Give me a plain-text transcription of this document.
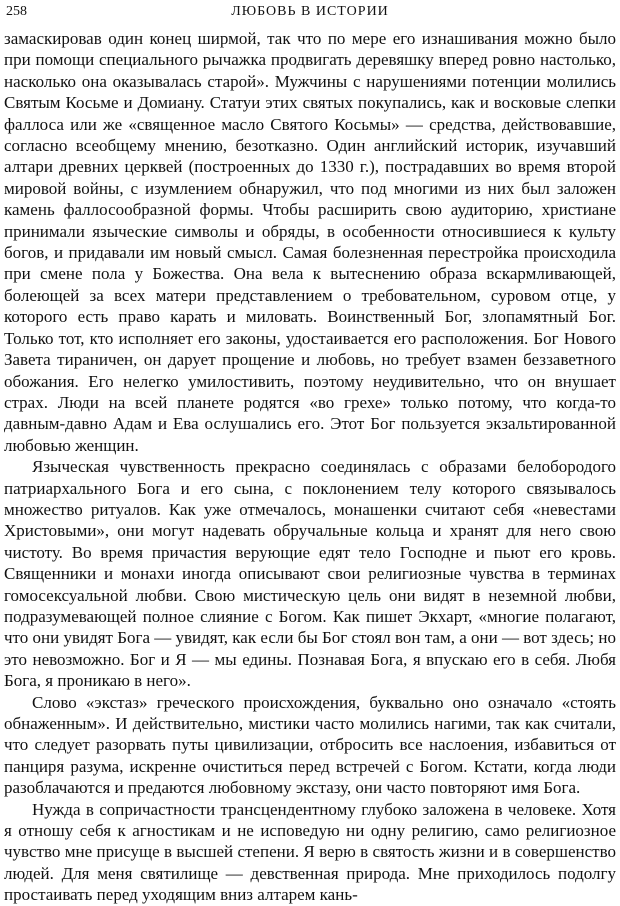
258	ЛЮБОВЬ В ИСТОРИИ

замаскировав один конец ширмой, так что по мере его изнашивания можно было при помощи специального рычажка продвигать деревяшку вперед ровно настолько, насколько она оказывалась старой». Мужчины с нарушениями потенции молились Святым Косьме и Домиану. Статуи этих святых покупались, как и восковые слепки фаллоса или же «священное масло Святого Косьмы» — средства, действовавшие, согласно всеобщему мнению, безотказно. Один английский историк, изучавший алтари древних церквей (построенных до 1330 г.), пострадавших во время второй мировой войны, с изумлением обнаружил, что под многими из них был заложен камень фаллосообразной формы. Чтобы расширить свою аудиторию, христиане принимали языческие символы и обряды, в особенности относившиеся к культу богов, и придавали им новый смысл. Самая болезненная перестройка происходила при смене пола у Божества. Она вела к вытеснению образа вскармливающей, болеющей за всех матери представлением о требовательном, суровом отце, у которого есть право карать и миловать. Воинственный Бог, злопамятный Бог. Только тот, кто исполняет его законы, удостаивается его расположения. Бог Нового Завета тираничен, он дарует прощение и любовь, но требует взамен беззаветного обожания. Его нелегко умилостивить, поэтому неудивительно, что он внушает страх. Люди на всей планете родятся «во грехе» только потому, что когда-то давным-давно Адам и Ева ослушались его. Этот Бог пользуется экзальтированной любовью женщин.

Языческая чувственность прекрасно соединялась с образами белобородого патриархального Бога и его сына, с поклонением телу которого связывалось множество ритуалов. Как уже отмечалось, монашенки считают себя «невестами Христовыми», они могут надевать обручальные кольца и хранят для него свою чистоту. Во время причастия верующие едят тело Господне и пьют его кровь. Священники и монахи иногда описывают свои религиозные чувства в терминах гомосексуальной любви. Свою мистическую цель они видят в неземной любви, подразумевающей полное слияние с Богом. Как пишет Экхарт, «многие полагают, что они увидят Бога — увидят, как если бы Бог стоял вон там, а они — вот здесь; но это невозможно. Бог и Я — мы едины. Познавая Бога, я впускаю его в себя. Любя Бога, я проникаю в него».

Слово «экстаз» греческого происхождения, буквально оно означало «стоять обнаженным». И действительно, мистики часто молились нагими, так как считали, что следует разорвать путы цивилизации, отбросить все наслоения, избавиться от панциря разума, искренне очиститься перед встречей с Богом. Кстати, когда люди разоблачаются и предаются любовному экстазу, они часто повторяют имя Бога.

Нужда в сопричастности трансцендентному глубоко заложена в человеке. Хотя я отношу себя к агностикам и не исповедую ни одну религию, само религиозное чувство мне присуще в высшей степени. Я верю в святость жизни и в совершенство людей. Для меня святилище — девственная природа. Мне приходилось подолгу простаивать перед уходящим вниз алтарем кань-
